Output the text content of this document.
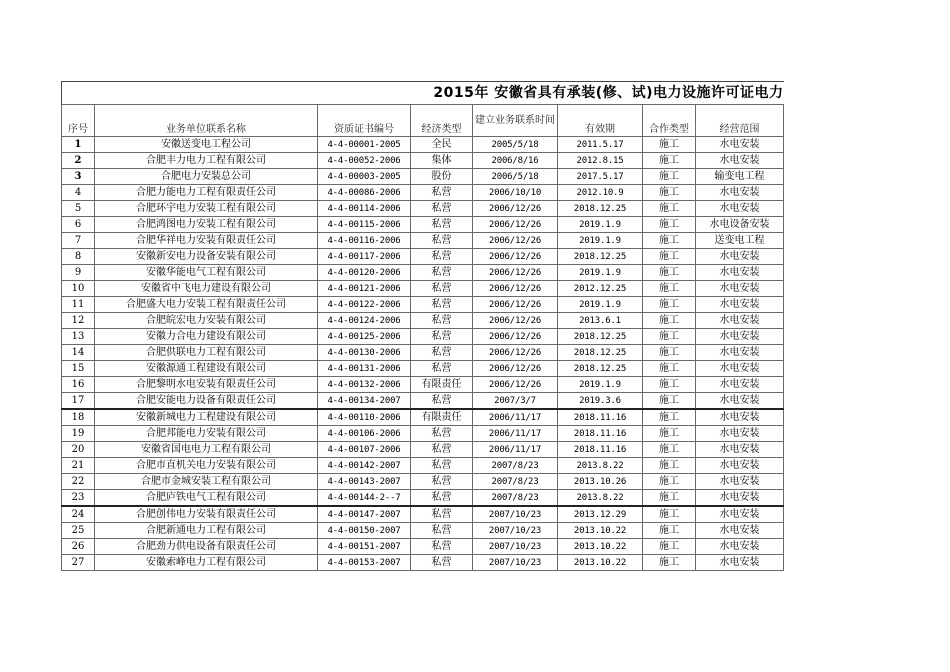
2015年 安徽省具有承装(修、试)电力设施许可证电力							
序号	业务单位联系名称	资质证书编号	经济类型	建立业务联系时间	有效期	合作类型	经营范围
1	安徽送变电工程公司	4-4-00001-2005	全民	2005/5/18	2011.5.17	施工	水电安装
2	合肥丰力电力工程有限公司	4-4-00052-2006	集体	2006/8/16	2012.8.15	施工	水电安装
3	合肥电力安装总公司	4-4-00003-2005	股份	2006/5/18	2017.5.17	施工	输变电工程
4	合肥力能电力工程有限责任公司	4-4-00086-2006	私营	2006/10/10	2012.10.9	施工	水电安装
5	合肥环宇电力安装工程有限公司	4-4-00114-2006	私营	2006/12/26	2018.12.25	施工	水电安装
6	合肥鸿图电力安装工程有限公司	4-4-00115-2006	私营	2006/12/26	2019.1.9	施工	水电设备安装
7	合肥华祥电力安装有限责任公司	4-4-00116-2006	私营	2006/12/26	2019.1.9	施工	送变电工程
8	安徽新安电力设备安装有限公司	4-4-00117-2006	私营	2006/12/26	2018.12.25	施工	水电安装
9	安徽华能电气工程有限公司	4-4-00120-2006	私营	2006/12/26	2019.1.9	施工	水电安装
10	安徽省中飞电力建设有限公司	4-4-00121-2006	私营	2006/12/26	2012.12.25	施工	水电安装
11	合肥盛大电力安装工程有限责任公司	4-4-00122-2006	私营	2006/12/26	2019.1.9	施工	水电安装
12	合肥皖宏电力安装有限公司	4-4-00124-2006	私营	2006/12/26	2013.6.1	施工	水电安装
13	安徽力合电力建设有限公司	4-4-00125-2006	私营	2006/12/26	2018.12.25	施工	水电安装
14	合肥供联电力工程有限公司	4-4-00130-2006	私营	2006/12/26	2018.12.25	施工	水电安装
15	安徽源通工程建设有限公司	4-4-00131-2006	私营	2006/12/26	2018.12.25	施工	水电安装
16	合肥黎明水电安装有限责任公司	4-4-00132-2006	有限责任	2006/12/26	2019.1.9	施工	水电安装
17	合肥安能电力设备有限责任公司	4-4-00134-2007	私营	2007/3/7	2019.3.6	施工	水电安装
18	安徽新城电力工程建设有限公司	4-4-00110-2006	有限责任	2006/11/17	2018.11.16	施工	水电安装
19	合肥邦能电力安装有限公司	4-4-00106-2006	私营	2006/11/17	2018.11.16	施工	水电安装
20	安徽省国电电力工程有限公司	4-4-00107-2006	私营	2006/11/17	2018.11.16	施工	水电安装
21	合肥市直机关电力安装有限公司	4-4-00142-2007	私营	2007/8/23	2013.8.22	施工	水电安装
22	合肥市金城安装工程有限公司	4-4-00143-2007	私营	2007/8/23	2013.10.26	施工	水电安装
23	合肥庐铁电气工程有限公司	4-4-00144-2--7	私营	2007/8/23	2013.8.22	施工	水电安装
24	合肥创伟电力安装有限责任公司	4-4-00147-2007	私营	2007/10/23	2013.12.29	施工	水电安装
25	合肥新通电力工程有限公司	4-4-00150-2007	私营	2007/10/23	2013.10.22	施工	水电安装
26	合肥劲力供电设备有限责任公司	4-4-00151-2007	私营	2007/10/23	2013.10.22	施工	水电安装
27	安徽索峰电力工程有限公司	4-4-00153-2007	私营	2007/10/23	2013.10.22	施工	水电安装
